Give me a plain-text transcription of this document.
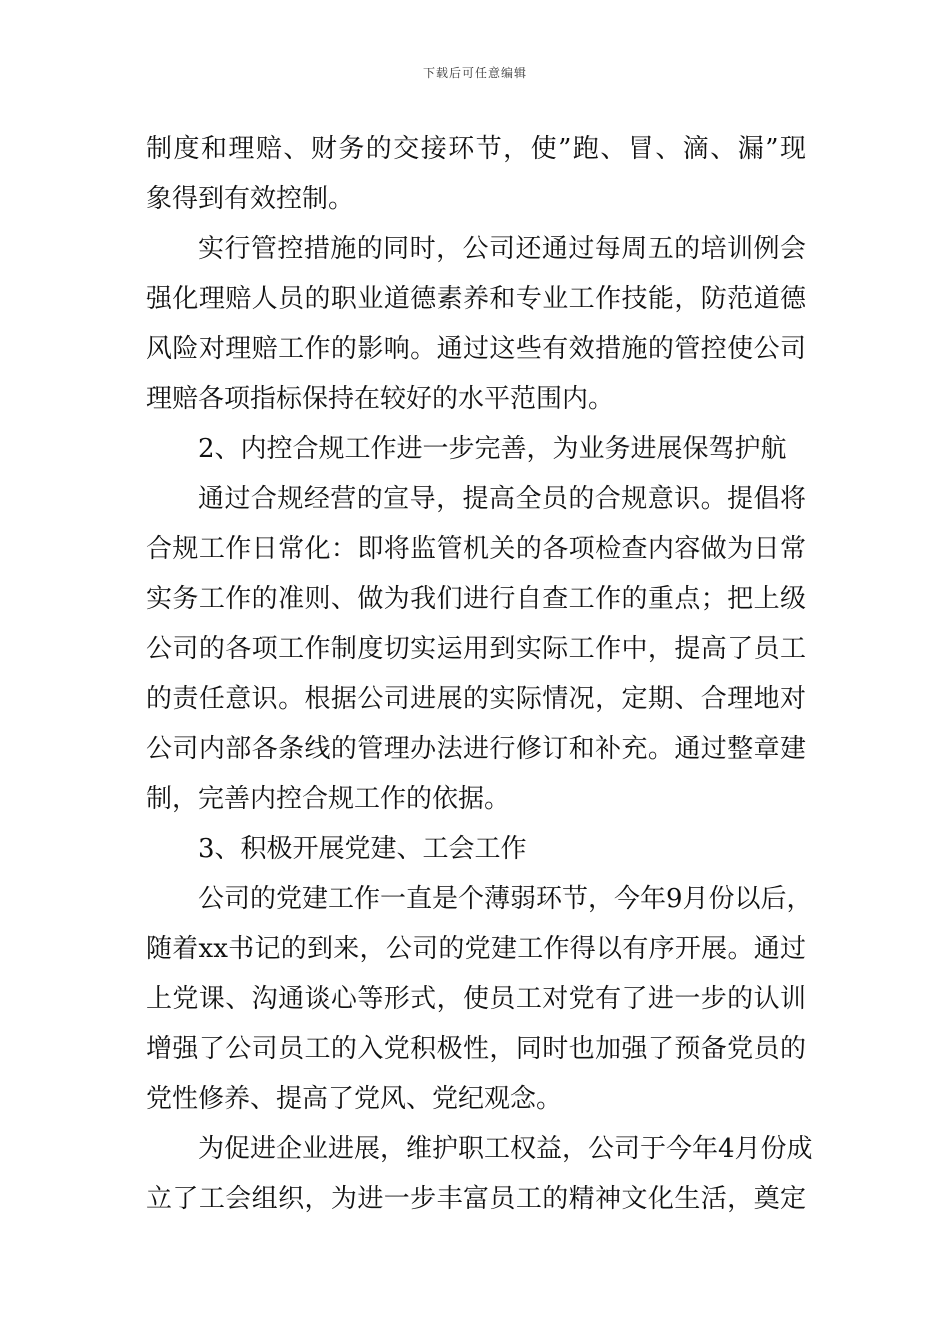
下载后可任意编辑
制度和理赔、财务的交接环节，使”跑、冒、滴、漏”现
象得到有效控制。
实行管控措施的同时，公司还通过每周五的培训例会
强化理赔人员的职业道德素养和专业工作技能，防范道德
风险对理赔工作的影响。通过这些有效措施的管控使公司
理赔各项指标保持在较好的水平范围内。
2、内控合规工作进一步完善，为业务进展保驾护航
通过合规经营的宣导，提高全员的合规意识。提倡将
合规工作日常化：即将监管机关的各项检查内容做为日常
实务工作的准则、做为我们进行自查工作的重点；把上级
公司的各项工作制度切实运用到实际工作中，提高了员工
的责任意识。根据公司进展的实际情况，定期、合理地对
公司内部各条线的管理办法进行修订和补充。通过整章建
制，完善内控合规工作的依据。
3、积极开展党建、工会工作
公司的党建工作一直是个薄弱环节，今年9月份以后，
随着xx书记的到来，公司的党建工作得以有序开展。通过
上党课、沟通谈心等形式，使员工对党有了进一步的认训
增强了公司员工的入党积极性，同时也加强了预备党员的
党性修养、提高了党风、党纪观念。
为促进企业进展，维护职工权益，公司于今年4月份成
立了工会组织，为进一步丰富员工的精神文化生活，奠定
